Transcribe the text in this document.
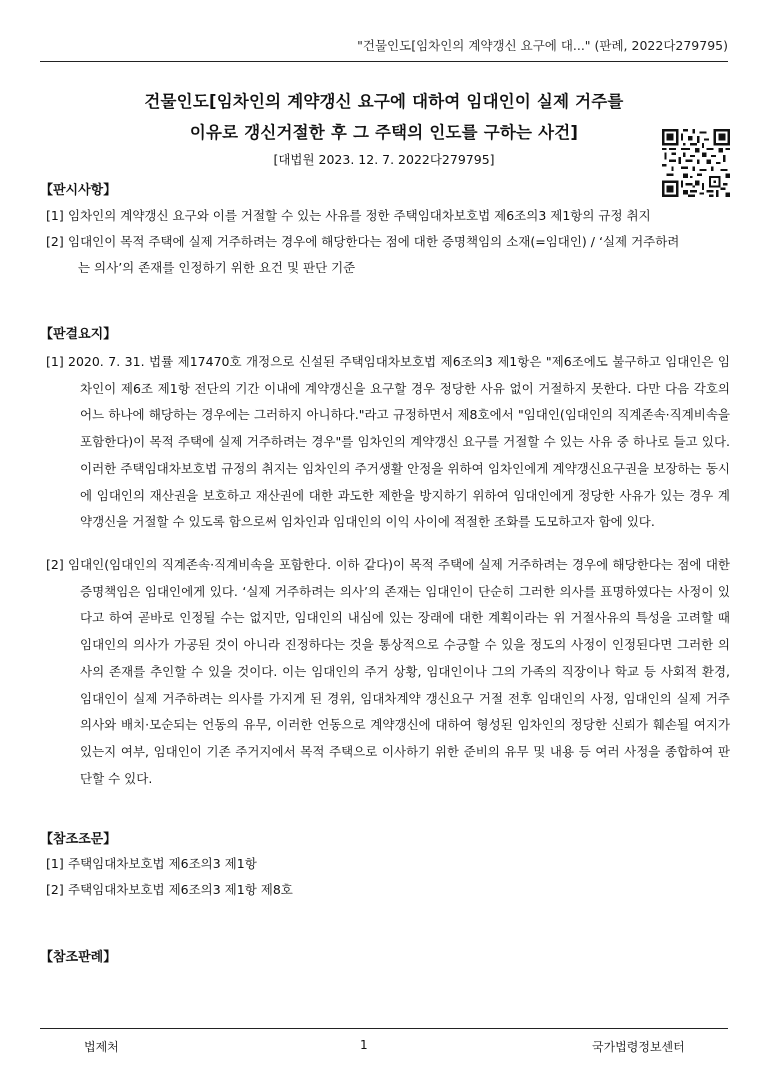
"건물인도[임차인의 계약갱신 요구에 대..." (판례, 2022다279795)
건물인도[임차인의 계약갱신 요구에 대하여 임대인이 실제 거주를
이유로 갱신거절한 후 그 주택의 인도를 구하는 사건]
[대법원 2023. 12. 7. 2022다279795]
【판시사항】
[1] 임차인의 계약갱신 요구와 이를 거절할 수 있는 사유를 정한 주택임대차보호법 제6조의3 제1항의 규정 취지
[2] 임대인이 목적 주택에 실제 거주하려는 경우에 해당한다는 점에 대한 증명책임의 소재(=임대인) / ‘실제 거주하려
는 의사’의 존재를 인정하기 위한 요건 및 판단 기준
【판결요지】
[1] 2020. 7. 31. 법률 제17470호 개정으로 신설된 주택임대차보호법 제6조의3 제1항은 "제6조에도 불구하고 임대인은 임차인이 제6조 제1항 전단의 기간 이내에 계약갱신을 요구할 경우 정당한 사유 없이 거절하지 못한다. 다만 다음 각호의 어느 하나에 해당하는 경우에는 그러하지 아니하다."라고 규정하면서 제8호에서 "임대인(임대인의 직계존속·직계비속을 포함한다)이 목적 주택에 실제 거주하려는 경우"를 임차인의 계약갱신 요구를 거절할 수 있는 사유 중 하나로 들고 있다. 이러한 주택임대차보호법 규정의 취지는 임차인의 주거생활 안정을 위하여 임차인에게 계약갱신요구권을 보장하는 동시에 임대인의 재산권을 보호하고 재산권에 대한 과도한 제한을 방지하기 위하여 임대인에게 정당한 사유가 있는 경우 계약갱신을 거절할 수 있도록 함으로써 임차인과 임대인의 이익 사이에 적절한 조화를 도모하고자 함에 있다.
[2] 임대인(임대인의 직계존속·직계비속을 포함한다. 이하 같다)이 목적 주택에 실제 거주하려는 경우에 해당한다는 점에 대한 증명책임은 임대인에게 있다. ‘실제 거주하려는 의사’의 존재는 임대인이 단순히 그러한 의사를 표명하였다는 사정이 있다고 하여 곧바로 인정될 수는 없지만, 임대인의 내심에 있는 장래에 대한 계획이라는 위 거절사유의 특성을 고려할 때 임대인의 의사가 가공된 것이 아니라 진정하다는 것을 통상적으로 수긍할 수 있을 정도의 사정이 인정된다면 그러한 의사의 존재를 추인할 수 있을 것이다. 이는 임대인의 주거 상황, 임대인이나 그의 가족의 직장이나 학교 등 사회적 환경, 임대인이 실제 거주하려는 의사를 가지게 된 경위, 임대차계약 갱신요구 거절 전후 임대인의 사정, 임대인의 실제 거주 의사와 배치·모순되는 언동의 유무, 이러한 언동으로 계약갱신에 대하여 형성된 임차인의 정당한 신뢰가 훼손될 여지가 있는지 여부, 임대인이 기존 주거지에서 목적 주택으로 이사하기 위한 준비의 유무 및 내용 등 여러 사정을 종합하여 판단할 수 있다.
【참조조문】
[1] 주택임대차보호법 제6조의3 제1항
[2] 주택임대차보호법 제6조의3 제1항 제8호
【참조판례】
법제처	1	국가법령정보센터
